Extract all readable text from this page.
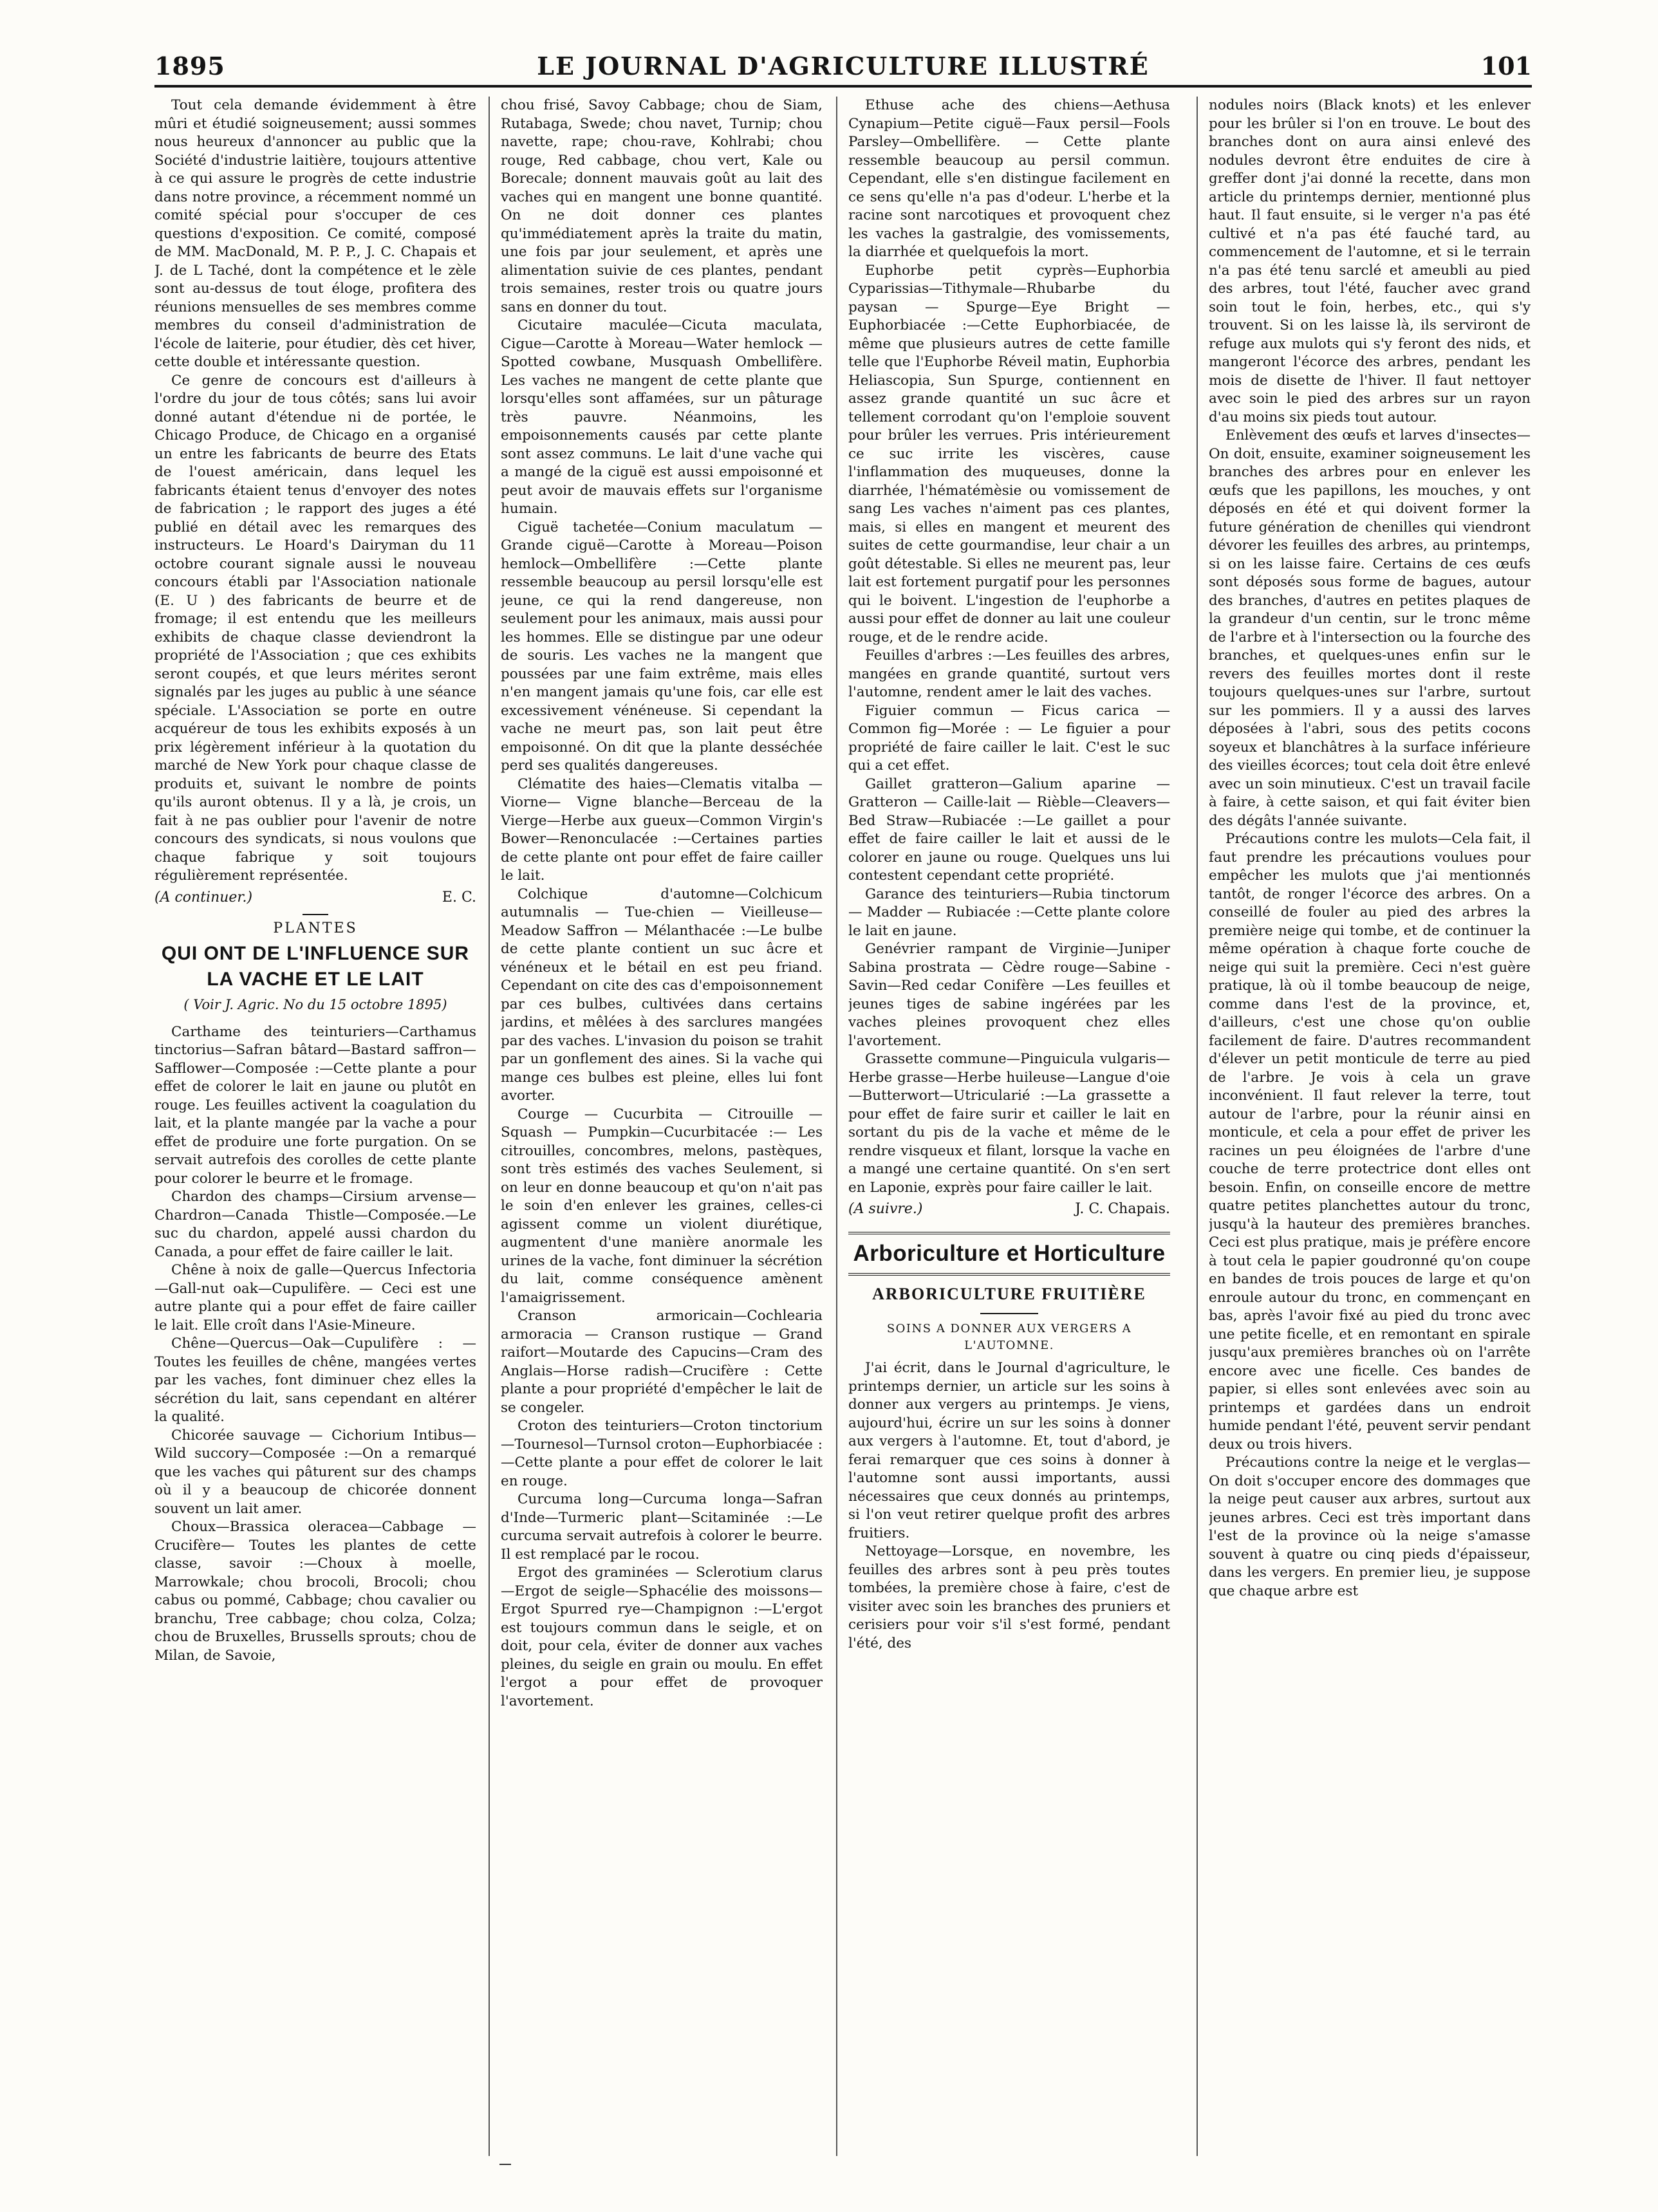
LE JOURNAL D'AGRICULTURE ILLUSTRÉ
1895	101

Tout cela demande évidemment à être mûri et étudié soigneusement; aussi sommes nous heureux d'annoncer au public que la Société d'industrie laitière, toujours attentive à ce qui assure le progrès de cette industrie dans notre province, a récemment nommé un comité spécial pour s'occuper de ces questions d'exposition. Ce comité, composé de MM. MacDonald, M. P. P., J. C. Chapais et J. de L Taché, dont la compétence et le zèle sont au-dessus de tout éloge, profitera des réunions mensuelles de ses membres comme membres du conseil d'administration de l'école de laiterie, pour étudier, dès cet hiver, cette double et intéressante question.

Ce genre de concours est d'ailleurs à l'ordre du jour de tous côtés; sans lui avoir donné autant d'étendue ni de portée, le Chicago Produce, de Chicago en a organisé un entre les fabricants de beurre des Etats de l'ouest américain, dans lequel les fabricants étaient tenus d'envoyer des notes de fabrication ; le rapport des juges a été publié en détail avec les remarques des instructeurs. Le Hoard's Dairyman du 11 octobre courant signale aussi le nouveau concours établi par l'Association nationale (E. U ) des fabricants de beurre et de fromage; il est entendu que les meilleurs exhibits de chaque classe deviendront la propriété de l'Association ; que ces exhibits seront coupés, et que leurs mérites seront signalés par les juges au public à une séance spéciale. L'Association se porte en outre acquéreur de tous les exhibits exposés à un prix légèrement inférieur à la quotation du marché de New York pour chaque classe de produits et, suivant le nombre de points qu'ils auront obtenus. Il y a là, je crois, un fait à ne pas oublier pour l'avenir de notre concours des syndicats, si nous voulons que chaque fabrique y soit toujours régulièrement représentée.

(A continuer.)	E. C.

PLANTES

QUI ONT DE L'INFLUENCE SUR LA VACHE ET LE LAIT

( Voir J. Agric. No du 15 octobre 1895)

Carthame des teinturiers—Carthamus tinctorius—Safran bâtard—Bastard saffron—Safflower—Composée :—Cette plante a pour effet de colorer le lait en jaune ou plutôt en rouge. Les feuilles activent la coagulation du lait, et la plante mangée par la vache a pour effet de produire une forte purgation. On se servait autrefois des corolles de cette plante pour colorer le beurre et le fromage.

Chardon des champs—Cirsium arvense—Chardron—Canada Thistle—Composée.—Le suc du chardon, appelé aussi chardon du Canada, a pour effet de faire cailler le lait.

Chêne à noix de galle—Quercus Infectoria—Gall-nut oak—Cupulifère. — Ceci est une autre plante qui a pour effet de faire cailler le lait. Elle croît dans l'Asie-Mineure.

Chêne—Quercus—Oak—Cupulifère : —Toutes les feuilles de chêne, mangées vertes par les vaches, font diminuer chez elles la sécrétion du lait, sans cependant en altérer la qualité.

Chicorée sauvage — Cichorium Intibus—Wild succory—Composée :—On a remarqué que les vaches qui pâturent sur des champs où il y a beaucoup de chicorée donnent souvent un lait amer.

Choux—Brassica oleracea—Cabbage —Crucifère— Toutes les plantes de cette classe, savoir :—Choux à moelle, Marrowkale; chou brocoli, Brocoli; chou cabus ou pommé, Cabbage; chou cavalier ou branchu, Tree cabbage; chou colza, Colza; chou de Bruxelles, Brussells sprouts; chou de Milan, de Savoie,

chou frisé, Savoy Cabbage; chou de Siam, Rutabaga, Swede; chou navet, Turnip; chou navette, rape; chou-rave, Kohlrabi; chou rouge, Red cabbage, chou vert, Kale ou Borecale; donnent mauvais goût au lait des vaches qui en mangent une bonne quantité. On ne doit donner ces plantes qu'immédiatement après la traite du matin, une fois par jour seulement, et après une alimentation suivie de ces plantes, pendant trois semaines, rester trois ou quatre jours sans en donner du tout.

Cicutaire maculée—Cicuta maculata, Cigue—Carotte à Moreau—Water hemlock — Spotted cowbane, Musquash Ombellifère. Les vaches ne mangent de cette plante que lorsqu'elles sont affamées, sur un pâturage très pauvre. Néanmoins, les empoisonnements causés par cette plante sont assez communs. Le lait d'une vache qui a mangé de la ciguë est aussi empoisonné et peut avoir de mauvais effets sur l'organisme humain.

Ciguë tachetée—Conium maculatum —Grande ciguë—Carotte à Moreau—Poison hemlock—Ombellifère :—Cette plante ressemble beaucoup au persil lorsqu'elle est jeune, ce qui la rend dangereuse, non seulement pour les animaux, mais aussi pour les hommes. Elle se distingue par une odeur de souris. Les vaches ne la mangent que poussées par une faim extrême, mais elles n'en mangent jamais qu'une fois, car elle est excessivement vénéneuse. Si cependant la vache ne meurt pas, son lait peut être empoisonné. On dit que la plante desséchée perd ses qualités dangereuses.

Clématite des haies—Clematis vitalba —Viorne— Vigne blanche—Berceau de la Vierge—Herbe aux gueux—Common Virgin's Bower—Renonculacée :—Certaines parties de cette plante ont pour effet de faire cailler le lait.

Colchique d'automne—Colchicum autumnalis — Tue-chien — Vieilleuse— Meadow Saffron — Mélanthacée :—Le bulbe de cette plante contient un suc âcre et vénéneux et le bétail en est peu friand. Cependant on cite des cas d'empoisonnement par ces bulbes, cultivées dans certains jardins, et mêlées à des sarclures mangées par des vaches. L'invasion du poison se trahit par un gonflement des aines. Si la vache qui mange ces bulbes est pleine, elles lui font avorter.

Courge — Cucurbita — Citrouille — Squash — Pumpkin—Cucurbitacée :— Les citrouilles, concombres, melons, pastèques, sont très estimés des vaches Seulement, si on leur en donne beaucoup et qu'on n'ait pas le soin d'en enlever les graines, celles-ci agissent comme un violent diurétique, augmentent d'une manière anormale les urines de la vache, font diminuer la sécrétion du lait, comme conséquence amènent l'amaigrissement.

Cranson armoricain—Cochlearia armoracia — Cranson rustique — Grand raifort—Moutarde des Capucins—Cram des Anglais—Horse radish—Crucifère : Cette plante a pour propriété d'empêcher le lait de se congeler.

Croton des teinturiers—Croton tinctorium—Tournesol—Turnsol croton—Euphorbiacée :—Cette plante a pour effet de colorer le lait en rouge.

Curcuma long—Curcuma longa—Safran d'Inde—Turmeric plant—Scitaminée :—Le curcuma servait autrefois à colorer le beurre. Il est remplacé par le rocou.

Ergot des graminées — Sclerotium clarus—Ergot de seigle—Sphacélie des moissons—Ergot Spurred rye—Champignon :—L'ergot est toujours commun dans le seigle, et on doit, pour cela, éviter de donner aux vaches pleines, du seigle en grain ou moulu. En effet l'ergot a pour effet de provoquer l'avortement.

Ethuse ache des chiens—Aethusa Cynapium—Petite ciguë—Faux persil—Fools Parsley—Ombellifère. — Cette plante ressemble beaucoup au persil commun. Cependant, elle s'en distingue facilement en ce sens qu'elle n'a pas d'odeur. L'herbe et la racine sont narcotiques et provoquent chez les vaches la gastralgie, des vomissements, la diarrhée et quelquefois la mort.

Euphorbe petit cyprès—Euphorbia Cyparissias—Tithymale—Rhubarbe du paysan — Spurge—Eye Bright — Euphorbiacée :—Cette Euphorbiacée, de même que plusieurs autres de cette famille telle que l'Euphorbe Réveil matin, Euphorbia Heliascopia, Sun Spurge, contiennent en assez grande quantité un suc âcre et tellement corrodant qu'on l'emploie souvent pour brûler les verrues. Pris intérieurement ce suc irrite les viscères, cause l'inflammation des muqueuses, donne la diarrhée, l'hématémèsie ou vomissement de sang Les vaches n'aiment pas ces plantes, mais, si elles en mangent et meurent des suites de cette gourmandise, leur chair a un goût détestable. Si elles ne meurent pas, leur lait est fortement purgatif pour les personnes qui le boivent. L'ingestion de l'euphorbe a aussi pour effet de donner au lait une couleur rouge, et de le rendre acide.

Feuilles d'arbres :—Les feuilles des arbres, mangées en grande quantité, surtout vers l'automne, rendent amer le lait des vaches.

Figuier commun — Ficus carica — Common fig—Morée : — Le figuier a pour propriété de faire cailler le lait. C'est le suc qui a cet effet.

Gaillet gratteron—Galium aparine — Gratteron — Caille-lait — Rièble—Cleavers—Bed Straw—Rubiacée :—Le gaillet a pour effet de faire cailler le lait et aussi de le colorer en jaune ou rouge. Quelques uns lui contestent cependant cette propriété.

Garance des teinturiers—Rubia tinctorum — Madder — Rubiacée :—Cette plante colore le lait en jaune.

Genévrier rampant de Virginie—Juniper Sabina prostrata — Cèdre rouge—Sabine - Savin—Red cedar Conifère —Les feuilles et jeunes tiges de sabine ingérées par les vaches pleines provoquent chez elles l'avortement.

Grassette commune—Pinguicula vulgaris—Herbe grasse—Herbe huileuse—Langue d'oie—Butterwort—Utricularié :—La grassette a pour effet de faire surir et cailler le lait en sortant du pis de la vache et même de le rendre visqueux et filant, lorsque la vache en a mangé une certaine quantité. On s'en sert en Laponie, exprès pour faire cailler le lait.

(A suivre.)	J. C. Chapais.
Arboriculture et Horticulture
ARBORICULTURE FRUITIÈRE

SOINS A DONNER AUX VERGERS A L'AUTOMNE.

J'ai écrit, dans le Journal d'agriculture, le printemps dernier, un article sur les soins à donner aux vergers au printemps. Je viens, aujourd'hui, écrire un sur les soins à donner aux vergers à l'automne. Et, tout d'abord, je ferai remarquer que ces soins à donner à l'automne sont aussi importants, aussi nécessaires que ceux donnés au printemps, si l'on veut retirer quelque profit des arbres fruitiers.

Nettoyage—Lorsque, en novembre, les feuilles des arbres sont à peu près toutes tombées, la première chose à faire, c'est de visiter avec soin les branches des pruniers et cerisiers pour voir s'il s'est formé, pendant l'été, des

nodules noirs (Black knots) et les enlever pour les brûler si l'on en trouve. Le bout des branches dont on aura ainsi enlevé des nodules devront être enduites de cire à greffer dont j'ai donné la recette, dans mon article du printemps dernier, mentionné plus haut. Il faut ensuite, si le verger n'a pas été cultivé et n'a pas été fauché tard, au commencement de l'automne, et si le terrain n'a pas été tenu sarclé et ameubli au pied des arbres, tout l'été, faucher avec grand soin tout le foin, herbes, etc., qui s'y trouvent. Si on les laisse là, ils serviront de refuge aux mulots qui s'y feront des nids, et mangeront l'écorce des arbres, pendant les mois de disette de l'hiver. Il faut nettoyer avec soin le pied des arbres sur un rayon d'au moins six pieds tout autour.

Enlèvement des œufs et larves d'insectes—On doit, ensuite, examiner soigneusement les branches des arbres pour en enlever les œufs que les papillons, les mouches, y ont déposés en été et qui doivent former la future génération de chenilles qui viendront dévorer les feuilles des arbres, au printemps, si on les laisse faire. Certains de ces œufs sont déposés sous forme de bagues, autour des branches, d'autres en petites plaques de la grandeur d'un centin, sur le tronc même de l'arbre et à l'intersection ou la fourche des branches, et quelques-unes enfin sur le revers des feuilles mortes dont il reste toujours quelques-unes sur l'arbre, surtout sur les pommiers. Il y a aussi des larves déposées à l'abri, sous des petits cocons soyeux et blanchâtres à la surface inférieure des vieilles écorces; tout cela doit être enlevé avec un soin minutieux. C'est un travail facile à faire, à cette saison, et qui fait éviter bien des dégâts l'année suivante.

Précautions contre les mulots—Cela fait, il faut prendre les précautions voulues pour empêcher les mulots que j'ai mentionnés tantôt, de ronger l'écorce des arbres. On a conseillé de fouler au pied des arbres la première neige qui tombe, et de continuer la même opération à chaque forte couche de neige qui suit la première. Ceci n'est guère pratique, là où il tombe beaucoup de neige, comme dans l'est de la province, et, d'ailleurs, c'est une chose qu'on oublie facilement de faire. D'autres recommandent d'élever un petit monticule de terre au pied de l'arbre. Je vois à cela un grave inconvénient. Il faut relever la terre, tout autour de l'arbre, pour la réunir ainsi en monticule, et cela a pour effet de priver les racines un peu éloignées de l'arbre d'une couche de terre protectrice dont elles ont besoin. Enfin, on conseille encore de mettre quatre petites planchettes autour du tronc, jusqu'à la hauteur des premières branches. Ceci est plus pratique, mais je préfère encore à tout cela le papier goudronné qu'on coupe en bandes de trois pouces de large et qu'on enroule autour du tronc, en commençant en bas, après l'avoir fixé au pied du tronc avec une petite ficelle, et en remontant en spirale jusqu'aux premières branches où on l'arrête encore avec une ficelle. Ces bandes de papier, si elles sont enlevées avec soin au printemps et gardées dans un endroit humide pendant l'été, peuvent servir pendant deux ou trois hivers.

Précautions contre la neige et le verglas—On doit s'occuper encore des dommages que la neige peut causer aux arbres, surtout aux jeunes arbres. Ceci est très important dans l'est de la province où la neige s'amasse souvent à quatre ou cinq pieds d'épaisseur, dans les vergers. En premier lieu, je suppose que chaque arbre est
